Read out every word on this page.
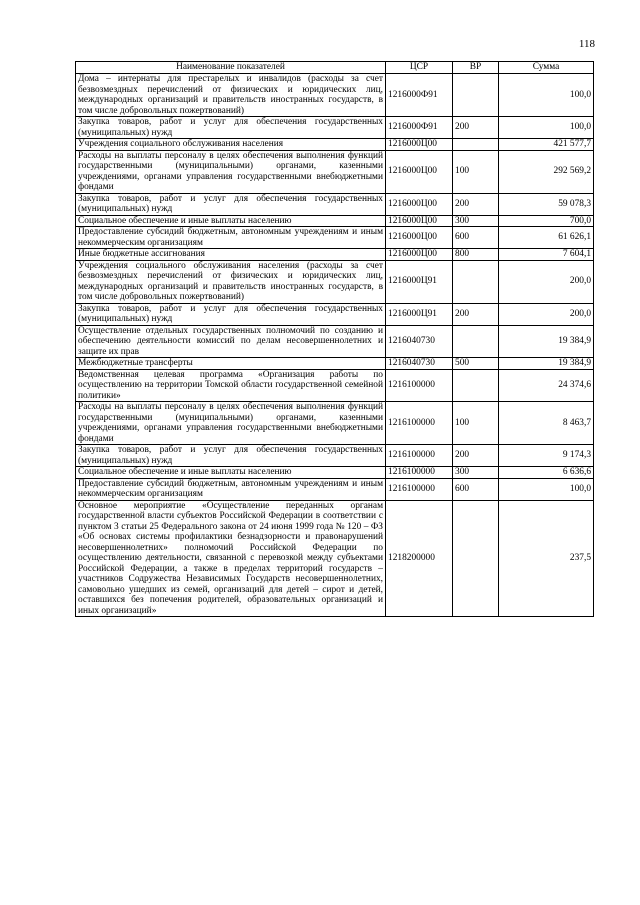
118
Наименование показателей	ЦСР	ВР	Сумма
Дома – интернаты для престарелых и инвалидов (расходы за счет безвозмездных перечислений от физических и юридических лиц, международных организаций и правительств иностранных государств, в том числе добровольных пожертвований)	1216000Ф91		100,0
Закупка товаров, работ и услуг для обеспечения государственных (муниципальных) нужд	1216000Ф91	200	100,0
Учреждения социального обслуживания населения	1216000Ц00		421 577,7
Расходы на выплаты персоналу в целях обеспечения выполнения функций государственными (муниципальными) органами, казенными учреждениями, органами управления государственными внебюджетными фондами	1216000Ц00	100	292 569,2
Закупка товаров, работ и услуг для обеспечения государственных (муниципальных) нужд	1216000Ц00	200	59 078,3
Социальное обеспечение и иные выплаты населению	1216000Ц00	300	700,0
Предоставление субсидий бюджетным, автономным учреждениям и иным некоммерческим организациям	1216000Ц00	600	61 626,1
Иные бюджетные ассигнования	1216000Ц00	800	7 604,1
Учреждения социального обслуживания населения (расходы за счет безвозмездных перечислений от физических и юридических лиц, международных организаций и правительств иностранных государств, в том числе добровольных пожертвований)	1216000Ц91		200,0
Закупка товаров, работ и услуг для обеспечения государственных (муниципальных) нужд	1216000Ц91	200	200,0
Осуществление отдельных государственных полномочий по созданию и обеспечению деятельности комиссий по делам несовершеннолетних и защите их прав	1216040730		19 384,9
Межбюджетные трансферты	1216040730	500	19 384,9
Ведомственная целевая программа «Организация работы по осуществлению на территории Томской области государственной семейной политики»	1216100000		24 374,6
Расходы на выплаты персоналу в целях обеспечения выполнения функций государственными (муниципальными) органами, казенными учреждениями, органами управления государственными внебюджетными фондами	1216100000	100	8 463,7
Закупка товаров, работ и услуг для обеспечения государственных (муниципальных) нужд	1216100000	200	9 174,3
Социальное обеспечение и иные выплаты населению	1216100000	300	6 636,6
Предоставление субсидий бюджетным, автономным учреждениям и иным некоммерческим организациям	1216100000	600	100,0
Основное мероприятие «Осуществление переданных органам государственной власти субъектов Российской Федерации в соответствии с пунктом 3 статьи 25 Федерального закона от 24 июня 1999 года № 120 – ФЗ «Об основах системы профилактики безнадзорности и правонарушений несовершеннолетних» полномочий Российской Федерации по осуществлению деятельности, связанной с перевозкой между субъектами Российской Федерации, а также в пределах территорий государств – участников Содружества Независимых Государств несовершеннолетних, самовольно ушедших из семей, организаций для детей – сирот и детей, оставшихся без попечения родителей, образовательных организаций и иных организаций»	1218200000		237,5
